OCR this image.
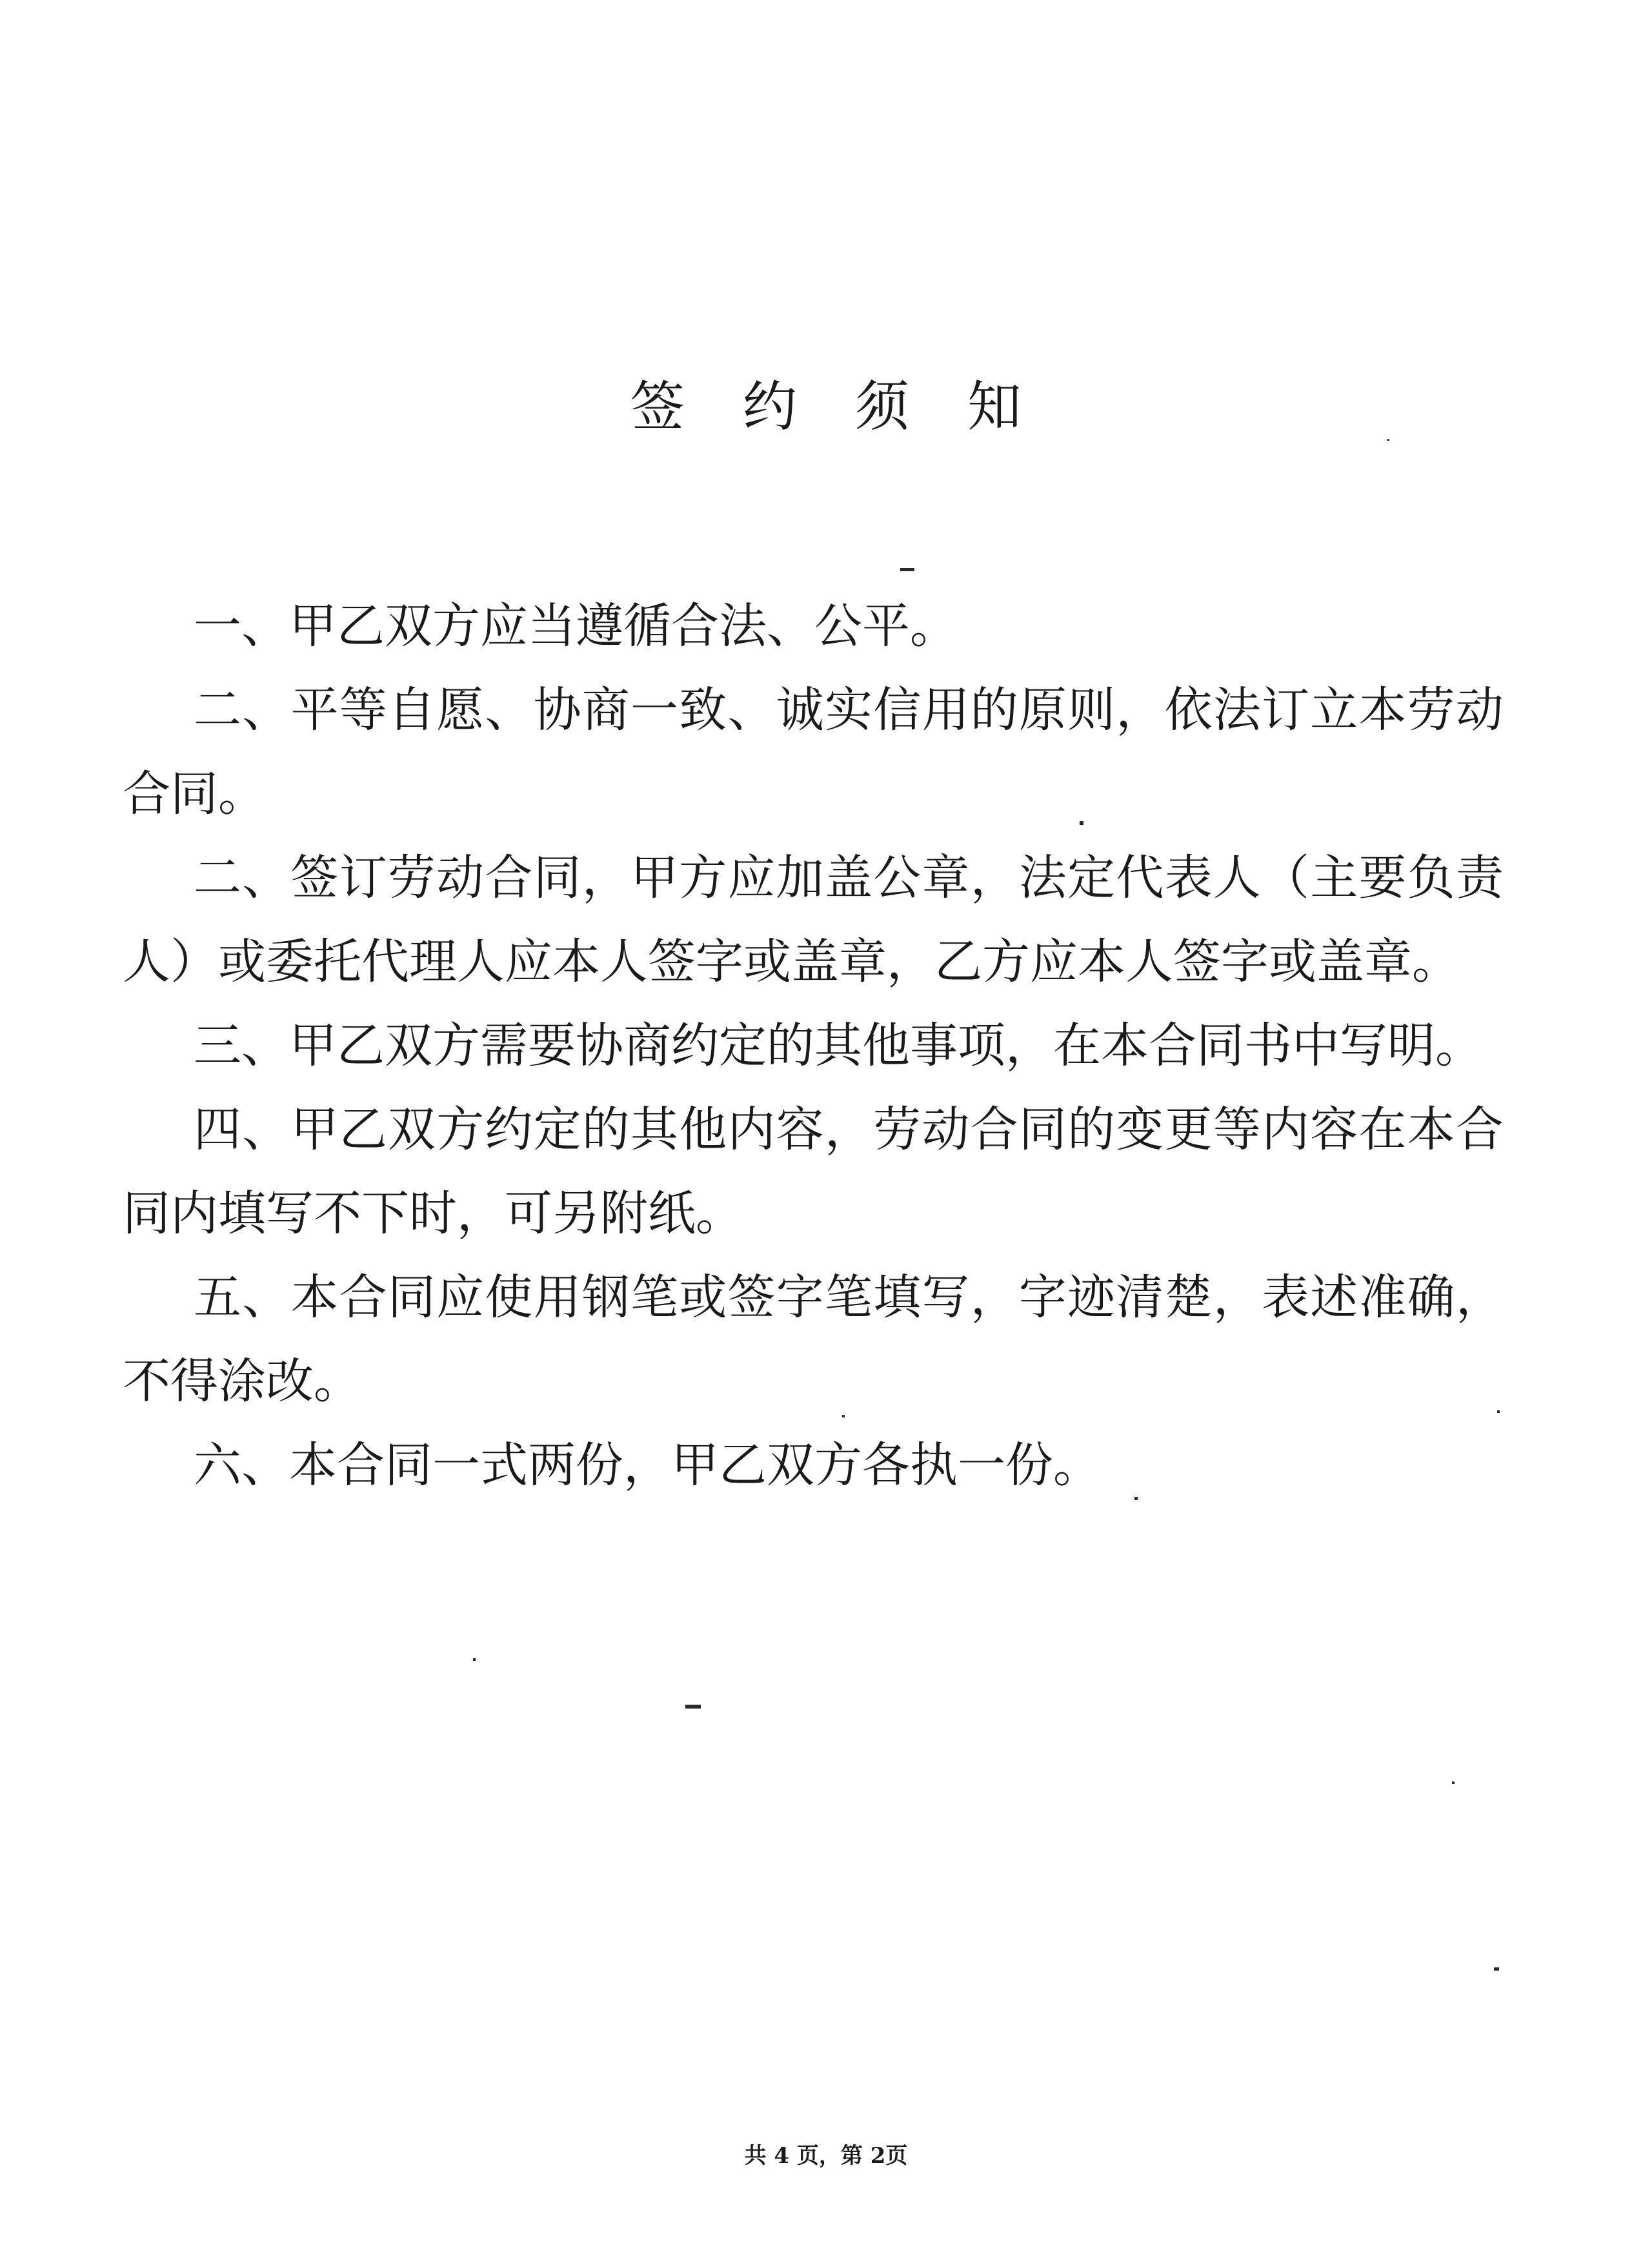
签 约 须 知

一、甲乙双方应当遵循合法、公平。

二、平等自愿、协商一致、诚实信用的原则，依法订立本劳动合同。

二、签订劳动合同，甲方应加盖公章，法定代表人（主要负责人）或委托代理人应本人签字或盖章，乙方应本人签字或盖章。

三、甲乙双方需要协商约定的其他事项，在本合同书中写明。

四、甲乙双方约定的其他内容，劳动合同的变更等内容在本合同内填写不下时，可另附纸。

五、本合同应使用钢笔或签字笔填写，字迹清楚，表述准确，不得涂改。

六、本合同一式两份，甲乙双方各执一份。

共 4 页，第 2页
